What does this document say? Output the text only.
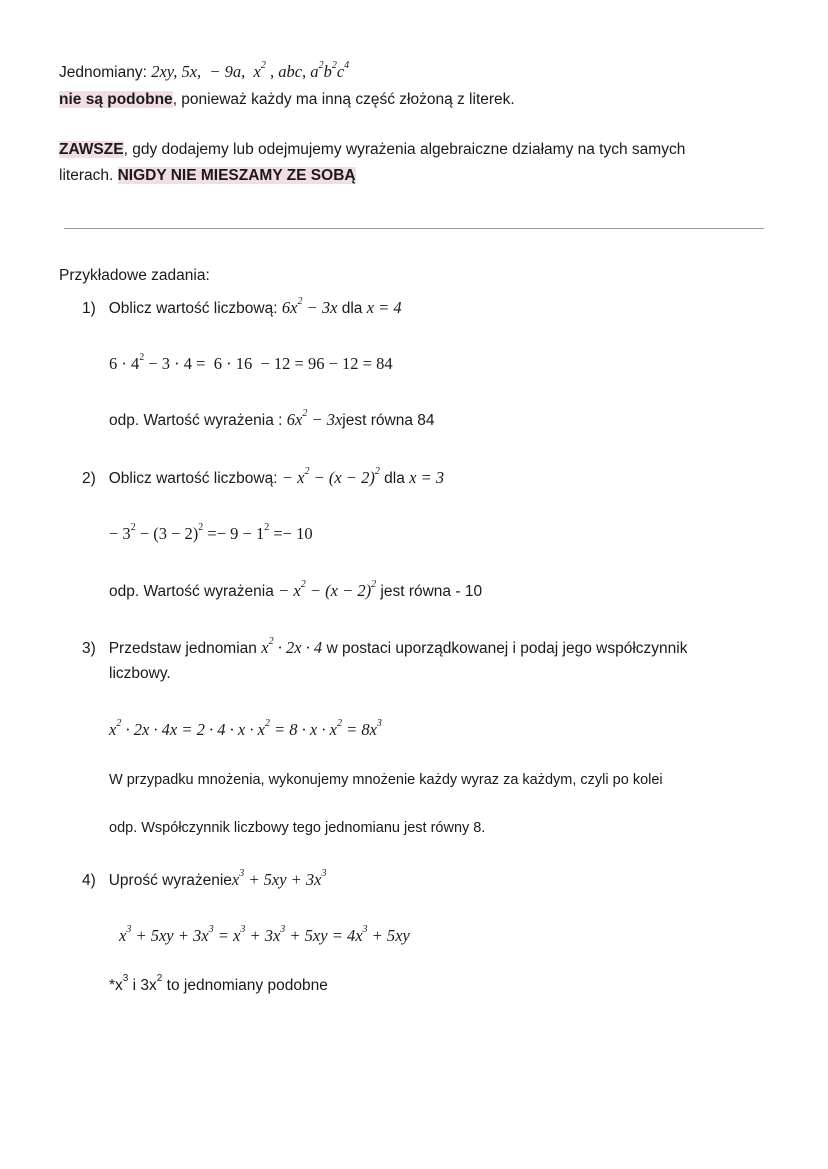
Jednomiany: 2xy, 5x,  − 9a,  $x^2$ , abc, $a^2b^2c^4$
nie są podobne, ponieważ każdy ma inną część złożoną z literek.
ZAWSZE, gdy dodajemy lub odejmujemy wyrażenia algebraiczne działamy na tych samych
literach. NIGDY NIE MIESZAMY ZE SOBĄ
Przykładowe zadania:
1) Oblicz wartość liczbową: $6x^2 - 3x$ dla x = 4
$6 \cdot 4^2 - 3 \cdot 4 = 6 \cdot 16 - 12 = 96 - 12 = 84$
odp. Wartość wyrażenia : $6x^2$ − 3xjest równa 84
2) Oblicz wartość liczbową: − $x^2 - (x - 2)^2$ dla x = 3
− $3^2 - (3 - 2)^2 =- 9 - 1^2 =- 10$
odp. Wartość wyrażenia − $x^2 - (x - 2)^2$ jest równa - 10
3) Przedstaw jednomian $x^2 \cdot 2x \cdot 4$ w postaci uporządkowanej i podaj jego współczynnik
liczbowy.
$x^2 \cdot 2x \cdot 4x = 2 \cdot 4 \cdot x \cdot x^2 = 8 \cdot x \cdot x^2 = 8x^3$
W przypadku mnożenia, wykonujemy mnożenie każdy wyraz za każdym, czyli po kolei
odp. Współczynnik liczbowy tego jednomianu jest równy 8.
4) Uprość wyrażeniex$^3$ + $5xy + 3x^3$
$x^3 + 5xy + 3x^3 = x^3 + 3x^3 + 5xy = 4x^3 + 5xy$
$*x^3$ i $3x^2$ to jednomiany podobne
